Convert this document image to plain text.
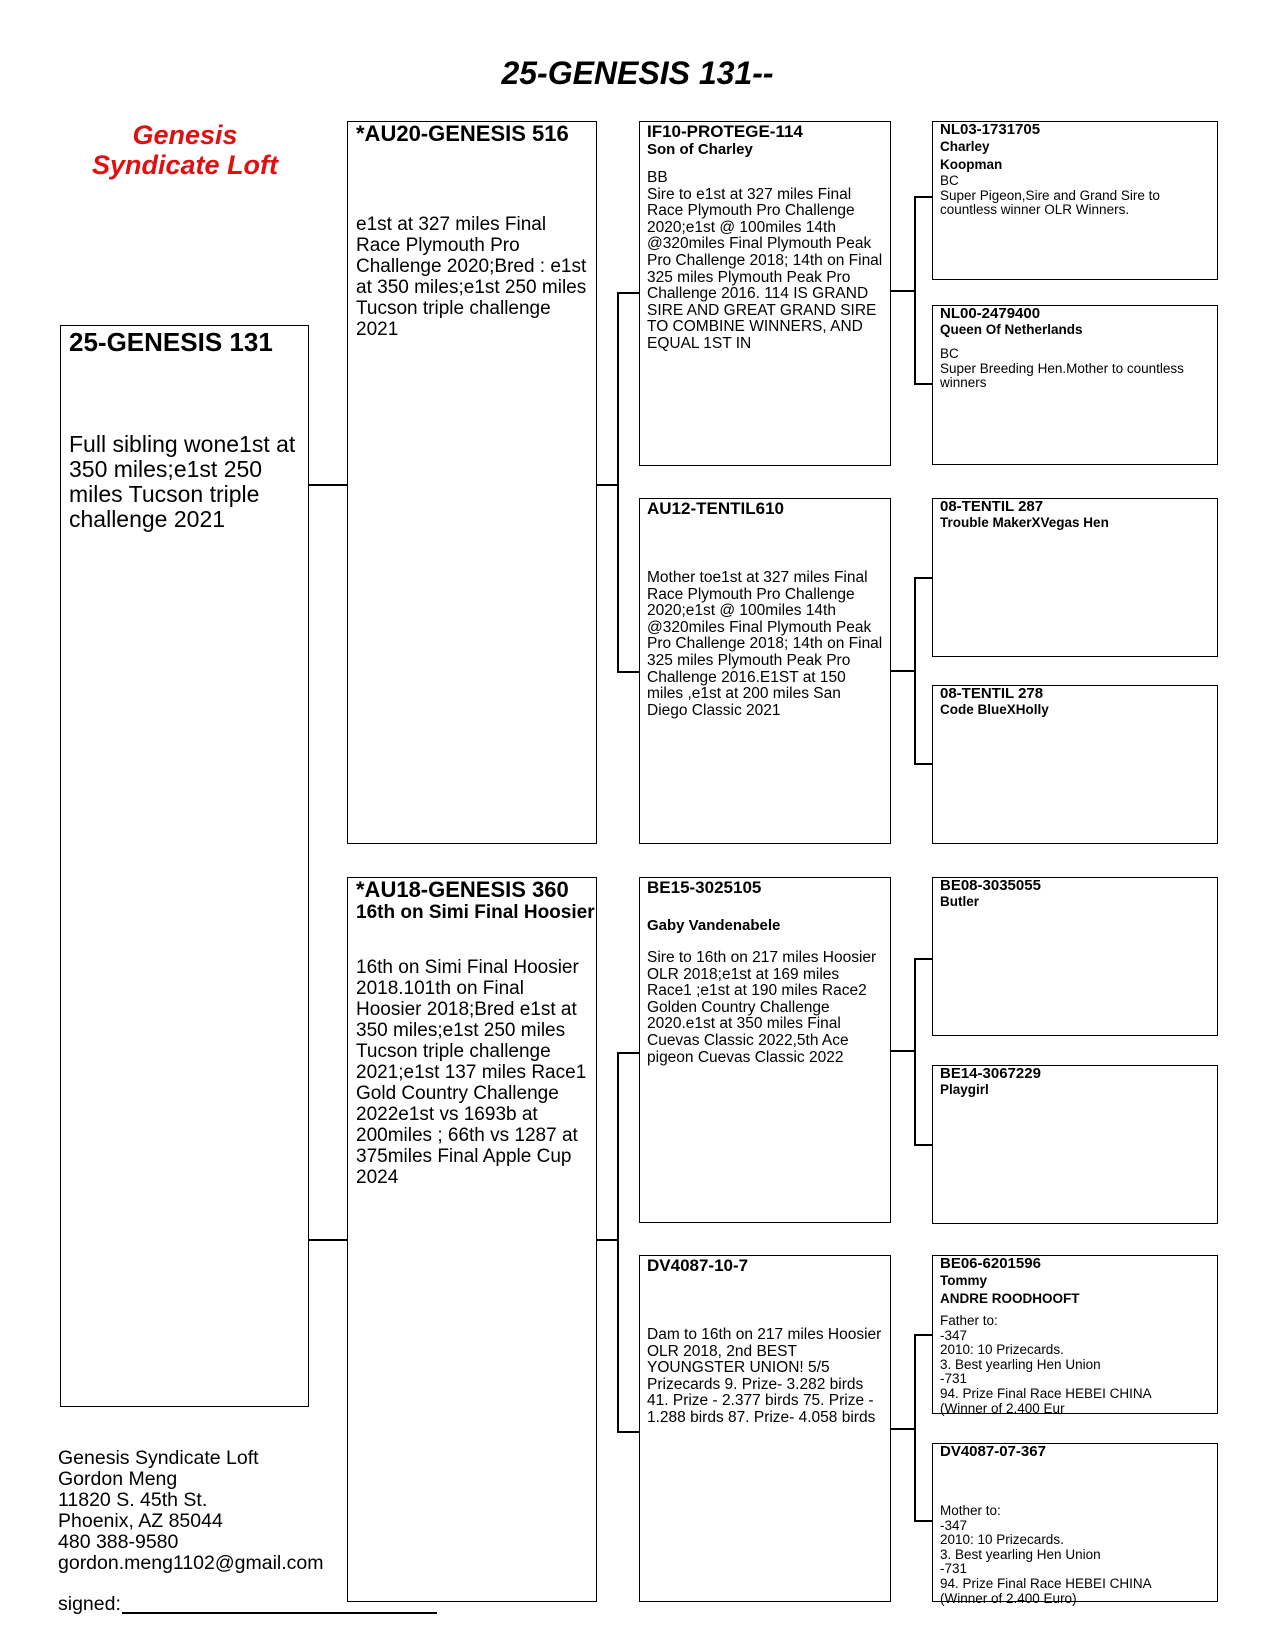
25-GENESIS 131--
Genesis
Syndicate Loft
25-GENESIS 131
Full sibling wone1st at 350 miles;e1st 250 miles Tucson triple challenge 2021
*AU20-GENESIS 516
e1st at 327 miles Final Race Plymouth Pro Challenge 2020;Bred : e1st at 350 miles;e1st 250 miles Tucson triple challenge 2021
*AU18-GENESIS 360
16th on Simi Final Hoosier
16th on Simi Final Hoosier 2018.101th on Final Hoosier 2018;Bred e1st at 350 miles;e1st 250 miles Tucson triple challenge 2021;e1st 137 miles Race1 Gold Country Challenge 2022e1st vs 1693b at 200miles ; 66th vs 1287 at 375miles Final Apple Cup 2024
IF10-PROTEGE-114
Son of Charley
BB
Sire to e1st at 327 miles Final Race Plymouth Pro Challenge 2020;e1st @ 100miles 14th @320miles Final Plymouth Peak Pro Challenge 2018; 14th on Final 325 miles Plymouth Peak Pro Challenge 2016. 114 IS GRAND SIRE AND GREAT GRAND SIRE TO COMBINE WINNERS, AND EQUAL 1ST IN
AU12-TENTIL610
Mother toe1st at 327 miles Final Race Plymouth Pro Challenge 2020;e1st @ 100miles 14th @320miles Final Plymouth Peak Pro Challenge 2018; 14th on Final 325 miles Plymouth Peak Pro Challenge 2016.E1ST at 150 miles ,e1st at 200 miles San Diego Classic 2021
BE15-3025105
Gaby Vandenabele
Sire to 16th on 217 miles Hoosier OLR 2018;e1st at 169 miles Race1 ;e1st at 190 miles Race2 Golden Country Challenge 2020.e1st at 350 miles Final Cuevas Classic 2022,5th Ace pigeon Cuevas Classic 2022
DV4087-10-7
Dam to 16th on 217 miles Hoosier OLR 2018, 2nd BEST YOUNGSTER UNION! 5/5 Prizecards 9. Prize- 3.282 birds 41. Prize - 2.377 birds 75. Prize - 1.288 birds 87. Prize- 4.058 birds
NL03-1731705
Charley
Koopman
BC
Super Pigeon,Sire and Grand Sire to countless winner OLR Winners.
NL00-2479400
Queen Of Netherlands
BC
Super Breeding Hen.Mother to countless winners
08-TENTIL 287
Trouble MakerXVegas Hen
08-TENTIL 278
Code BlueXHolly
BE08-3035055
Butler
BE14-3067229
Playgirl
BE06-6201596
Tommy
ANDRE ROODHOOFT
Father to:
-347
2010: 10 Prizecards.
3. Best yearling Hen Union
-731
94. Prize Final Race HEBEI CHINA
(Winner of 2.400 Eur
DV4087-07-367
Mother to:
-347
2010: 10 Prizecards.
3. Best yearling Hen Union
-731
94. Prize Final Race HEBEI CHINA
(Winner of 2.400 Euro)
Genesis Syndicate Loft
Gordon Meng
11820 S. 45th St.
Phoenix, AZ 85044
480 388-9580
gordon.meng1102@gmail.com
signed:
